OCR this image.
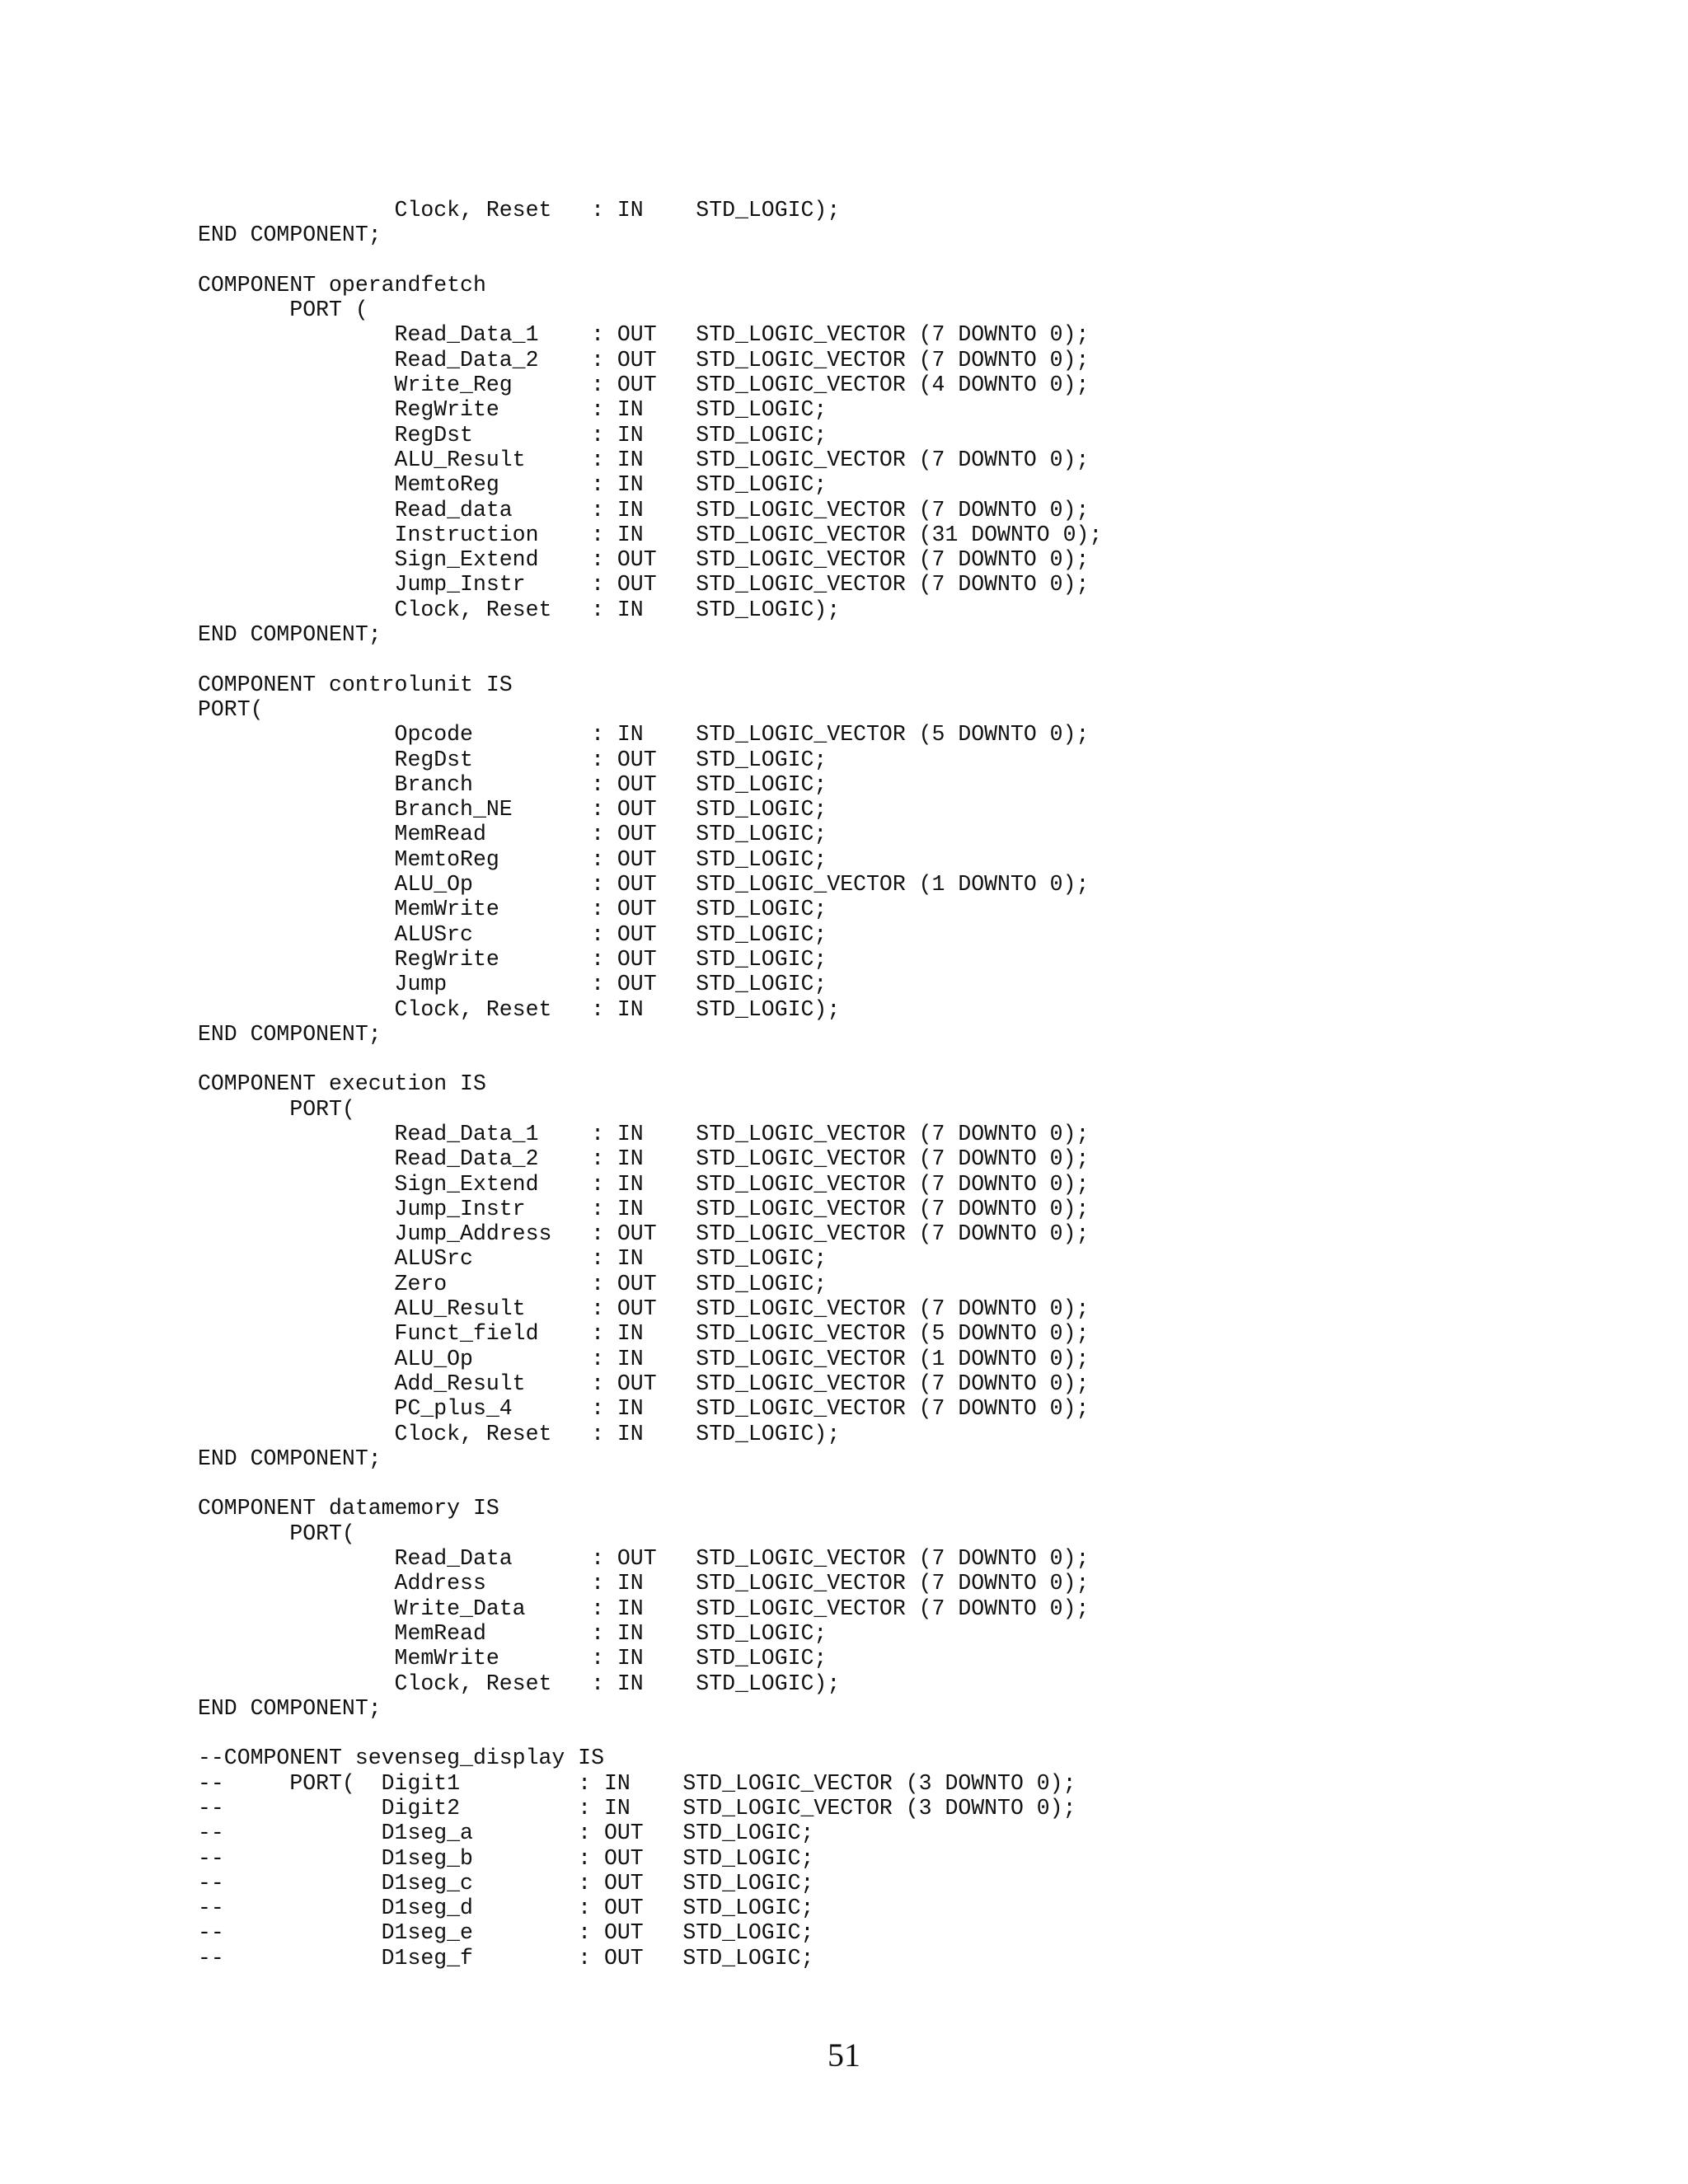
Clock, Reset   : IN    STD_LOGIC);
END COMPONENT;
COMPONENT operandfetch
PORT (
Read_Data_1    : OUT   STD_LOGIC_VECTOR (7 DOWNTO 0);
Read_Data_2    : OUT   STD_LOGIC_VECTOR (7 DOWNTO 0);
Write_Reg      : OUT   STD_LOGIC_VECTOR (4 DOWNTO 0);
RegWrite       : IN    STD_LOGIC;
RegDst         : IN    STD_LOGIC;
ALU_Result     : IN    STD_LOGIC_VECTOR (7 DOWNTO 0);
MemtoReg       : IN    STD_LOGIC;
Read_data      : IN    STD_LOGIC_VECTOR (7 DOWNTO 0);
Instruction    : IN    STD_LOGIC_VECTOR (31 DOWNTO 0);
Sign_Extend    : OUT   STD_LOGIC_VECTOR (7 DOWNTO 0);
Jump_Instr     : OUT   STD_LOGIC_VECTOR (7 DOWNTO 0);
Clock, Reset   : IN    STD_LOGIC);
END COMPONENT;
COMPONENT controlunit IS
PORT(
Opcode         : IN    STD_LOGIC_VECTOR (5 DOWNTO 0);
RegDst         : OUT   STD_LOGIC;
Branch         : OUT   STD_LOGIC;
Branch_NE      : OUT   STD_LOGIC;
MemRead        : OUT   STD_LOGIC;
MemtoReg       : OUT   STD_LOGIC;
ALU_Op         : OUT   STD_LOGIC_VECTOR (1 DOWNTO 0);
MemWrite       : OUT   STD_LOGIC;
ALUSrc         : OUT   STD_LOGIC;
RegWrite       : OUT   STD_LOGIC;
Jump           : OUT   STD_LOGIC;
Clock, Reset   : IN    STD_LOGIC);
END COMPONENT;
COMPONENT execution IS
PORT(
Read_Data_1    : IN    STD_LOGIC_VECTOR (7 DOWNTO 0);
Read_Data_2    : IN    STD_LOGIC_VECTOR (7 DOWNTO 0);
Sign_Extend    : IN    STD_LOGIC_VECTOR (7 DOWNTO 0);
Jump_Instr     : IN    STD_LOGIC_VECTOR (7 DOWNTO 0);
Jump_Address   : OUT   STD_LOGIC_VECTOR (7 DOWNTO 0);
ALUSrc         : IN    STD_LOGIC;
Zero           : OUT   STD_LOGIC;
ALU_Result     : OUT   STD_LOGIC_VECTOR (7 DOWNTO 0);
Funct_field    : IN    STD_LOGIC_VECTOR (5 DOWNTO 0);
ALU_Op         : IN    STD_LOGIC_VECTOR (1 DOWNTO 0);
Add_Result     : OUT   STD_LOGIC_VECTOR (7 DOWNTO 0);
PC_plus_4      : IN    STD_LOGIC_VECTOR (7 DOWNTO 0);
Clock, Reset   : IN    STD_LOGIC);
END COMPONENT;
COMPONENT datamemory IS
PORT(
Read_Data      : OUT   STD_LOGIC_VECTOR (7 DOWNTO 0);
Address        : IN    STD_LOGIC_VECTOR (7 DOWNTO 0);
Write_Data     : IN    STD_LOGIC_VECTOR (7 DOWNTO 0);
MemRead        : IN    STD_LOGIC;
MemWrite       : IN    STD_LOGIC;
Clock, Reset   : IN    STD_LOGIC);
END COMPONENT;
--COMPONENT sevenseg_display IS
--     PORT(  Digit1         : IN    STD_LOGIC_VECTOR (3 DOWNTO 0);
--            Digit2         : IN    STD_LOGIC_VECTOR (3 DOWNTO 0);
--            D1seg_a        : OUT   STD_LOGIC;
--            D1seg_b        : OUT   STD_LOGIC;
--            D1seg_c        : OUT   STD_LOGIC;
--            D1seg_d        : OUT   STD_LOGIC;
--            D1seg_e        : OUT   STD_LOGIC;
--            D1seg_f        : OUT   STD_LOGIC;
51
